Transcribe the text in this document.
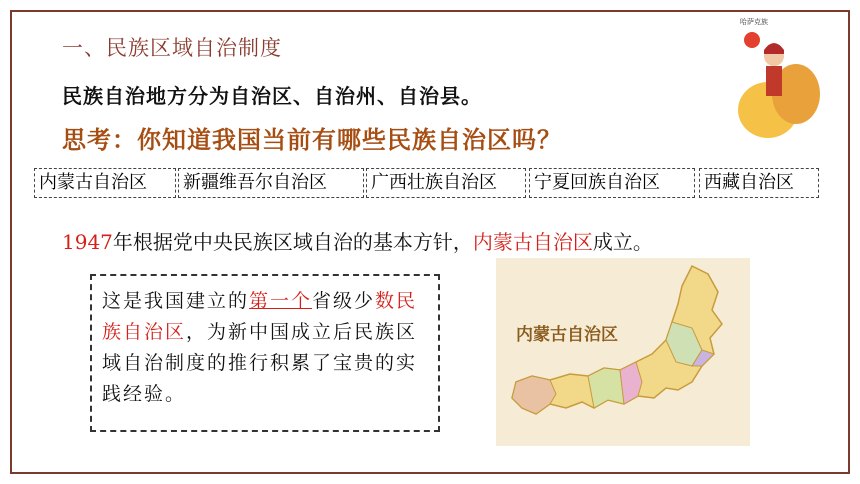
一、民族区域自治制度
民族自治地方分为自治区、自治州、自治县。
思考：你知道我国当前有哪些民族自治区吗？
内蒙古自治区	新疆维吾尔自治区	广西壮族自治区	宁夏回族自治区	西藏自治区
1947年根据党中央民族区域自治的基本方针，内蒙古自治区成立。
这是我国建立的第一个省级少数民族自治区，为新中国成立后民族区域自治制度的推行积累了宝贵的实践经验。
内蒙古自治区
哈萨克族
